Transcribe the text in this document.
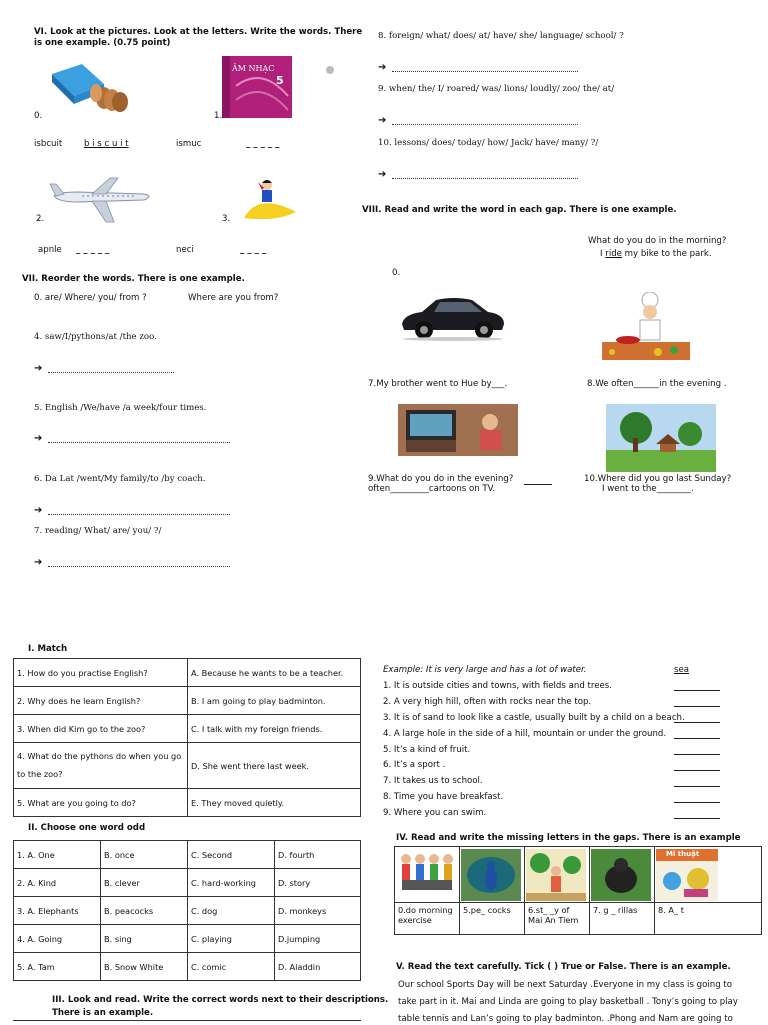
VI. Look at the pictures. Look at the letters. Write the words. There is one example. (0.75 point)
0.
ÂM NHẠC
5
1.
isbcuit	b i s c u i t	ismuc	_ _ _ _ _
2.	3.
apnle _ _ _ _ _	neci	_ _ _ _
VII. Reorder the words. There is one example.
0. are/ Where/ you/ from ?	Where are you from?
4. saw/I/pythons/at /the zoo.
➔
5. English /We/have /a week/four times.
➔
6. Da Lat /went/My family/to /by coach.
➔
7. reading/ What/ are/ you/ ?/
➔
8. foreign/ what/ does/ at/ have/ she/ language/ school/ ?
➔
9. when/ the/ I/ roared/ was/ lions/ loudly/ zoo/ the/ at/
➔
10. lessons/ does/ today/ how/ Jack/ have/ many/ ?/
➔
VIII. Read and write the word in each gap. There is one example.
What do you do in the morning?
I ride my bike to the park.
0.
7.My brother went to Hue by___.	8.We often______in the evening .
9.What do you do in the evening?
often_________cartoons on TV.
10.Where did you go last Sunday?
I went to the________.
I. Match
1. How do you practise English?	A. Because he wants to be a teacher.
2. Why does he learn English?	B. I am going to play badminton.
3. When did Kim go to the zoo?	C. I talk with my foreign friends.
4. What do the pythons do when you go to the zoo?	D. She went there last week.
5. What are you going to do?	E. They moved quietly.
II. Choose one word odd
1. A. One	B. once	C. Second	D. fourth
2. A. Kind	B. clever	C. hard-working	D. story
3. A. Elephants	B. peacocks	C. dog	D. monkeys
4. A. Going	B. sing	C. playing	D.jumping
5. A. Tam	B. Snow White	C. comic	D. Aladdin
III. Look and read. Write the correct words next to their descriptions.
There is an example.
Example: It is very large and has a lot of water.	sea
1. It is outside cities and towns, with fields and trees.
2. A very high hill, often with rocks near the top.
3. It is of sand to look like a castle, usually built by a child on a beach.
4. A large hole in the side of a hill, mountain or under the ground.
5. It’s a kind of fruit.
6. It’s a sport .
7. It takes us to school.
8. Time you have breakfast.
9. Where you can swim.
IV. Read and write the missing letters in the gaps. There is an example

Mĩ thuật

0.do morning exercise	5.pe_ cocks	6.st_ _y of Mai An Tiem	7. g _ rillas	8. A_ t
V. Read the text carefully. Tick ( ) True or False. There is an example.
Our school Sports Day will be next Saturday .Everyone in my class is going to
take part in it. Mai and Linda are going to play basketball . Tony’s going to play
table tennis and Lan’s going to play badminton. .Phong and Nam are going to
